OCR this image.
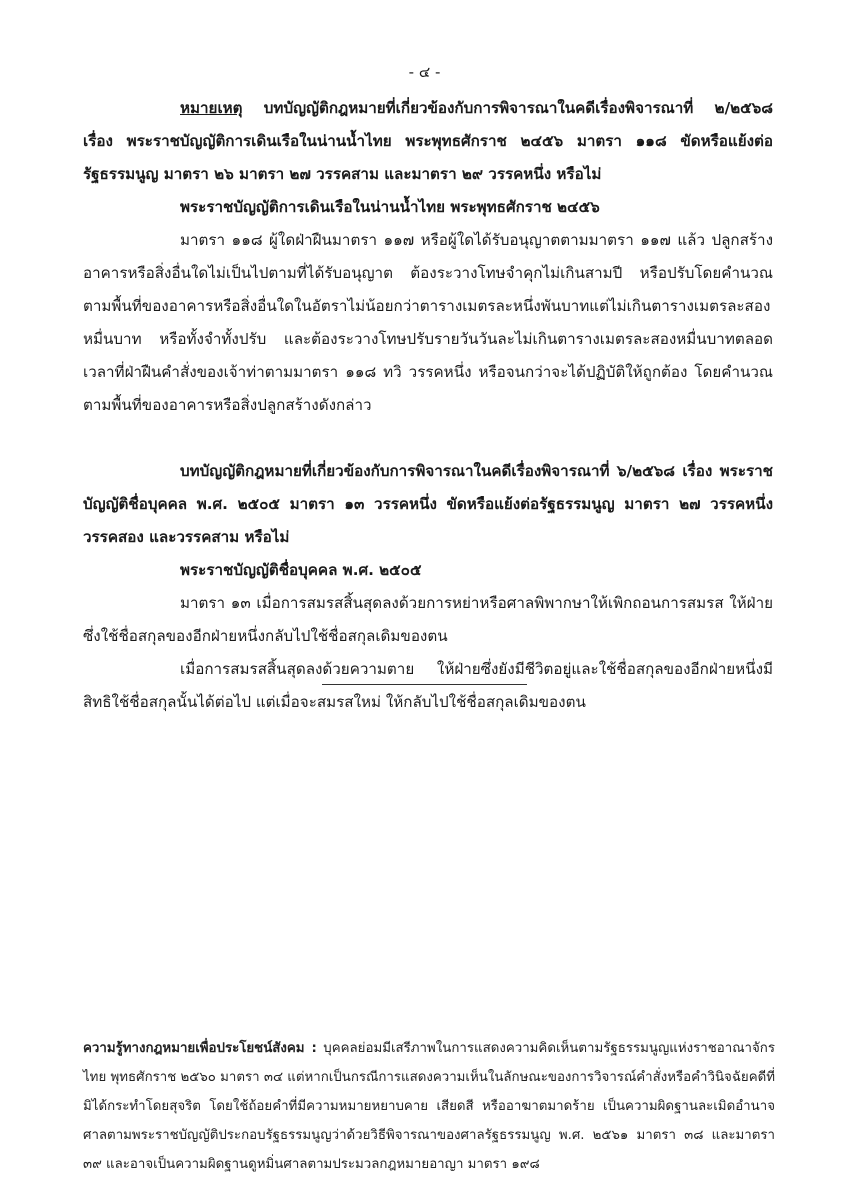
- ๔ -

หมายเหตุ บทบัญญัติกฎหมายที่เกี่ยวข้องกับการพิจารณาในคดีเรื่องพิจารณาที่ ๒/๒๕๖๘ เรื่อง พระราชบัญญัติการเดินเรือในน่านน้ำไทย พระพุทธศักราช ๒๔๕๖ มาตรา ๑๑๘ ขัดหรือแย้งต่อรัฐธรรมนูญ มาตรา ๒๖ มาตรา ๒๗ วรรคสาม และมาตรา ๒๙ วรรคหนึ่ง หรือไม่

พระราชบัญญัติการเดินเรือในน่านน้ำไทย พระพุทธศักราช ๒๔๕๖

มาตรา ๑๑๘ ผู้ใดฝ่าฝืนมาตรา ๑๑๗ หรือผู้ใดได้รับอนุญาตตามมาตรา ๑๑๗ แล้ว ปลูกสร้างอาคารหรือสิ่งอื่นใดไม่เป็นไปตามที่ได้รับอนุญาต ต้องระวางโทษจำคุกไม่เกินสามปี หรือปรับโดยคำนวณตามพื้นที่ของอาคารหรือสิ่งอื่นใดในอัตราไม่น้อยกว่าตารางเมตรละหนึ่งพันบาทแต่ไม่เกินตารางเมตรละสองหมื่นบาท หรือทั้งจำทั้งปรับ และต้องระวางโทษปรับรายวันวันละไม่เกินตารางเมตรละสองหมื่นบาทตลอดเวลาที่ฝ่าฝืนคำสั่งของเจ้าท่าตามมาตรา ๑๑๘ ทวิ วรรคหนึ่ง หรือจนกว่าจะได้ปฏิบัติให้ถูกต้อง โดยคำนวณตามพื้นที่ของอาคารหรือสิ่งปลูกสร้างดังกล่าว

บทบัญญัติกฎหมายที่เกี่ยวข้องกับการพิจารณาในคดีเรื่องพิจารณาที่ ๖/๒๕๖๘ เรื่อง พระราชบัญญัติชื่อบุคคล พ.ศ. ๒๕๐๕ มาตรา ๑๓ วรรคหนึ่ง ขัดหรือแย้งต่อรัฐธรรมนูญ มาตรา ๒๗ วรรคหนึ่ง วรรคสอง และวรรคสาม หรือไม่

พระราชบัญญัติชื่อบุคคล พ.ศ. ๒๕๐๕

มาตรา ๑๓ เมื่อการสมรสสิ้นสุดลงด้วยการหย่าหรือศาลพิพากษาให้เพิกถอนการสมรส ให้ฝ่ายซึ่งใช้ชื่อสกุลของอีกฝ่ายหนึ่งกลับไปใช้ชื่อสกุลเดิมของตน

เมื่อการสมรสสิ้นสุดลงด้วยความตาย ให้ฝ่ายซึ่งยังมีชีวิตอยู่และใช้ชื่อสกุลของอีกฝ่ายหนึ่งมีสิทธิใช้ชื่อสกุลนั้นได้ต่อไป แต่เมื่อจะสมรสใหม่ ให้กลับไปใช้ชื่อสกุลเดิมของตน

ความรู้ทางกฎหมายเพื่อประโยชน์สังคม : บุคคลย่อมมีเสรีภาพในการแสดงความคิดเห็นตามรัฐธรรมนูญแห่งราชอาณาจักรไทย พุทธศักราช ๒๕๖๐ มาตรา ๓๔ แต่หากเป็นกรณีการแสดงความเห็นในลักษณะของการวิจารณ์คำสั่งหรือคำวินิจฉัยคดีที่มิได้กระทำโดยสุจริต โดยใช้ถ้อยคำที่มีความหมายหยาบคาย เสียดสี หรืออาฆาตมาดร้าย เป็นความผิดฐานละเมิดอำนาจศาลตามพระราชบัญญัติประกอบรัฐธรรมนูญว่าด้วยวิธีพิจารณาของศาลรัฐธรรมนูญ พ.ศ. ๒๕๖๑ มาตรา ๓๘ และมาตรา ๓๙ และอาจเป็นความผิดฐานดูหมิ่นศาลตามประมวลกฎหมายอาญา มาตรา ๑๙๘
